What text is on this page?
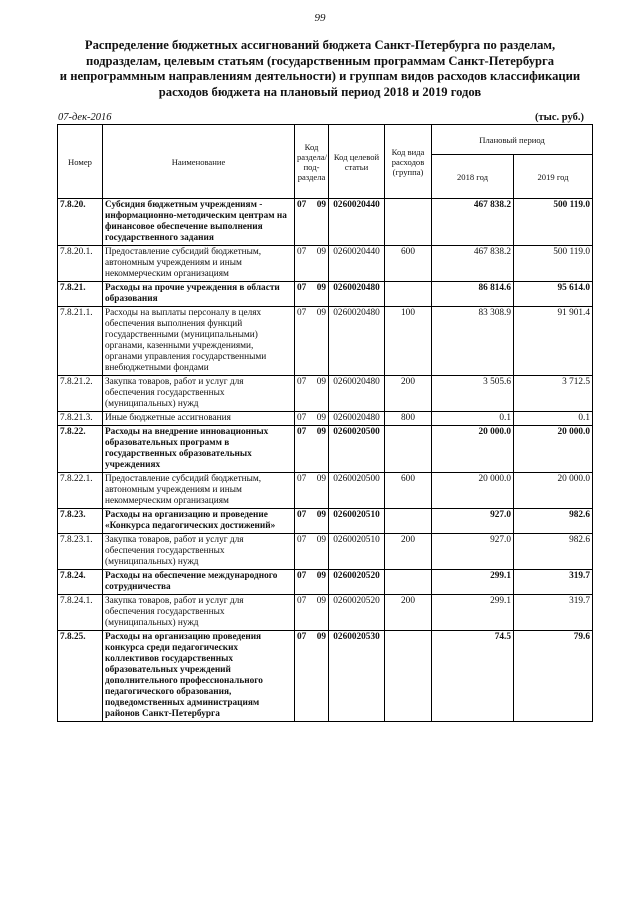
99
Распределение бюджетных ассигнований бюджета Санкт-Петербурга по разделам,
подразделам, целевым статьям (государственным программам Санкт-Петербурга
и непрограммным направлениям деятельности) и группам видов расходов классификации
расходов бюджета на плановый период 2018 и 2019 годов
07-дек-2016	(тыс. руб.)
Номер	Наименование	Код раздела/ под- раздела		Код целевой статьи	Код вида расходов (группа)	Плановый период	
						2018 год	2019 год
7.8.20.	Субсидия бюджетным учреждениям - информационно-методическим центрам на финансовое обеспечение выполнения государственного задания	07	09	0260020440		467 838.2	500 119.0
7.8.20.1.	Предоставление субсидий бюджетным, автономным учреждениям и иным некоммерческим организациям	07	09	0260020440	600	467 838.2	500 119.0
7.8.21.	Расходы на прочие учреждения в области образования	07	09	0260020480		86 814.6	95 614.0
7.8.21.1.	Расходы на выплаты персоналу в целях обеспечения выполнения функций государственными (муниципальными) органами, казенными учреждениями, органами управления государственными внебюджетными фондами	07	09	0260020480	100	83 308.9	91 901.4
7.8.21.2.	Закупка товаров, работ и услуг для обеспечения государственных (муниципальных) нужд	07	09	0260020480	200	3 505.6	3 712.5
7.8.21.3.	Иные бюджетные ассигнования	07	09	0260020480	800	0.1	0.1
7.8.22.	Расходы на внедрение инновационных образовательных программ в государственных образовательных учреждениях	07	09	0260020500		20 000.0	20 000.0
7.8.22.1.	Предоставление субсидий бюджетным, автономным учреждениям и иным некоммерческим организациям	07	09	0260020500	600	20 000.0	20 000.0
7.8.23.	Расходы на организацию и проведение «Конкурса педагогических достижений»	07	09	0260020510		927.0	982.6
7.8.23.1.	Закупка товаров, работ и услуг для обеспечения государственных (муниципальных) нужд	07	09	0260020510	200	927.0	982.6
7.8.24.	Расходы на обеспечение международного сотрудничества	07	09	0260020520		299.1	319.7
7.8.24.1.	Закупка товаров, работ и услуг для обеспечения государственных (муниципальных) нужд	07	09	0260020520	200	299.1	319.7
7.8.25.	Расходы на организацию проведения конкурса среди педагогических коллективов государственных образовательных учреждений дополнительного профессионального педагогического образования, подведомственных администрациям районов Санкт-Петербурга	07	09	0260020530		74.5	79.6
